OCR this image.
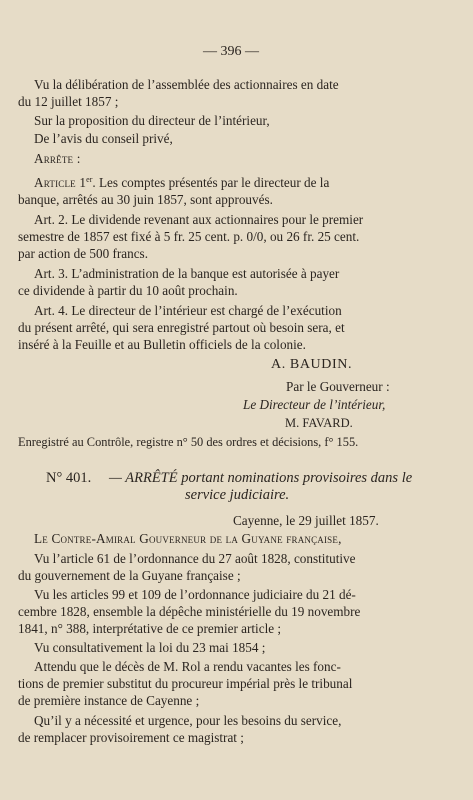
— 396 —
Vu la délibération de l’assemblée des actionnaires en date
du 12 juillet 1857 ;
Sur la proposition du directeur de l’intérieur,
De l’avis du conseil privé,
Arrête :
Article 1er. Les comptes présentés par le directeur de la
banque, arrêtés au 30 juin 1857, sont approuvés.
Art. 2. Le dividende revenant aux actionnaires pour le premier
semestre de 1857 est fixé à 5 fr. 25 cent. p. 0/0, ou 26 fr. 25 cent.
par action de 500 francs.
Art. 3. L’administration de la banque est autorisée à payer
ce dividende à partir du 10 août prochain.
Art. 4. Le directeur de l’intérieur est chargé de l’exécution
du présent arrêté, qui sera enregistré partout où besoin sera, et
inséré à la Feuille et au Bulletin officiels de la colonie.
A. BAUDIN.
Par le Gouverneur :
Le Directeur de l’intérieur,
M. FAVARD.
Enregistré au Contrôle, registre n° 50 des ordres et décisions, f° 155.
N° 401. — ARRÊTÉ portant nominations provisoires dans le
service judiciaire.
Cayenne, le 29 juillet 1857.
Le Contre-Amiral Gouverneur de la Guyane française,
Vu l’article 61 de l’ordonnance du 27 août 1828, constitutive
du gouvernement de la Guyane française ;
Vu les articles 99 et 109 de l’ordonnance judiciaire du 21 dé-
cembre 1828, ensemble la dépêche ministérielle du 19 novembre
1841, n° 388, interprétative de ce premier article ;
Vu consultativement la loi du 23 mai 1854 ;
Attendu que le décès de M. Rol a rendu vacantes les fonc-
tions de premier substitut du procureur impérial près le tribunal
de première instance de Cayenne ;
Qu’il y a nécessité et urgence, pour les besoins du service,
de remplacer provisoirement ce magistrat ;
